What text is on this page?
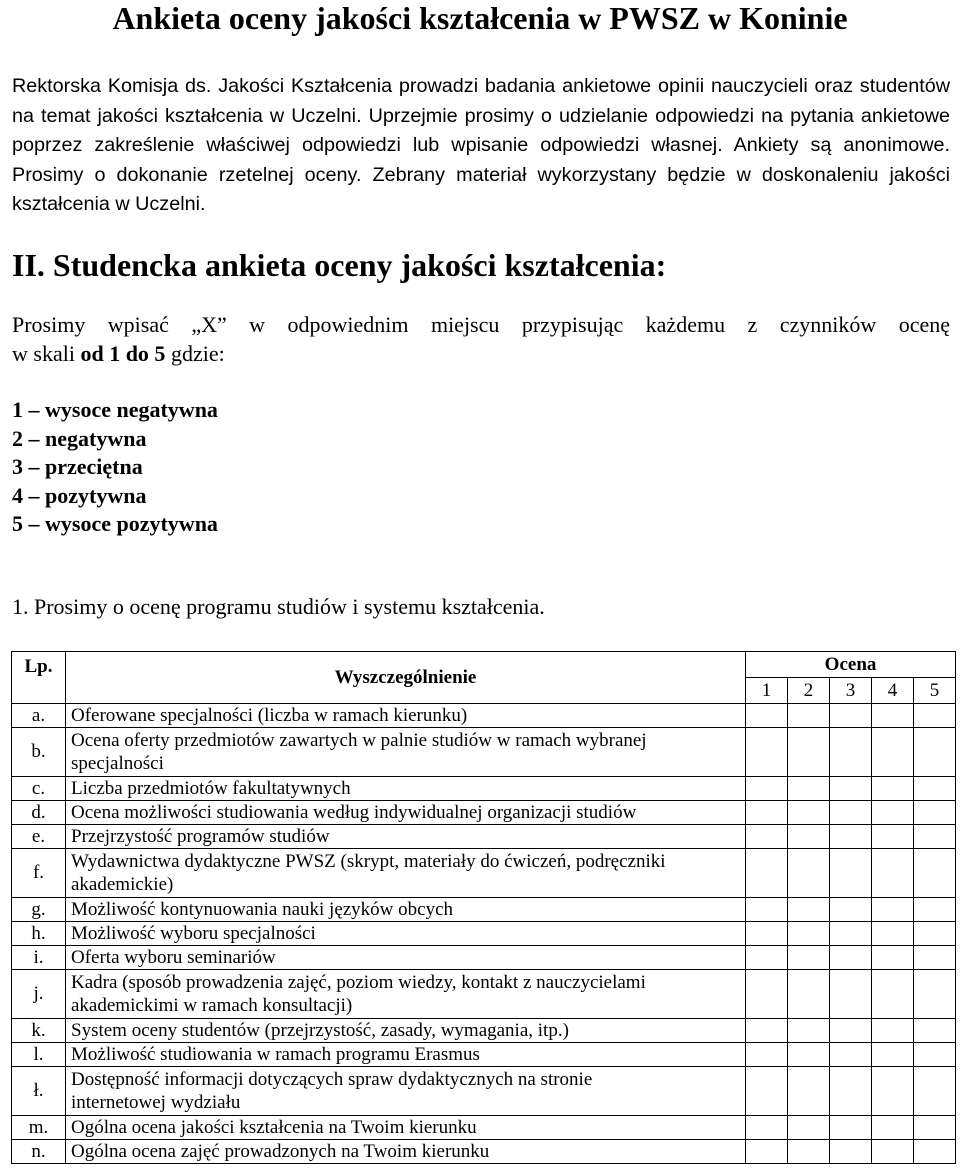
Ankieta oceny jakości kształcenia w PWSZ w Koninie

Rektorska Komisja ds. Jakości Kształcenia prowadzi badania ankietowe opinii nauczycieli oraz studentów na temat jakości kształcenia w Uczelni. Uprzejmie prosimy o udzielanie odpowiedzi na pytania ankietowe poprzez zakreślenie właściwej odpowiedzi lub wpisanie odpowiedzi własnej. Ankiety są anonimowe. Prosimy o dokonanie rzetelnej oceny. Zebrany materiał wykorzystany będzie w doskonaleniu jakości kształcenia w Uczelni.

II. Studencka ankieta oceny jakości kształcenia:

Prosimy wpisać „X” w odpowiednim miejscu przypisując każdemu z czynników ocenę
w skali od 1 do 5 gdzie:

1 – wysoce negatywna
2 – negatywna
3 – przeciętna
4 – pozytywna
5 – wysoce pozytywna

1. Prosimy o ocenę programu studiów i systemu kształcenia.

Lp.	Wyszczególnienie	Ocena				
		1	2	3	4	5
a.	Oferowane specjalności (liczba w ramach kierunku)					

b.	Ocena oferty przedmiotów zawartych w palnie studiów w ramach wybranej
specjalności					

c.	Liczba przedmiotów fakultatywnych					

d.	Ocena możliwości studiowania według indywidualnej organizacji studiów					

e.	Przejrzystość programów studiów					

f.	Wydawnictwa dydaktyczne PWSZ (skrypt, materiały do ćwiczeń, podręczniki
akademickie)					

g.	Możliwość kontynuowania nauki języków obcych					

h.	Możliwość wyboru specjalności					

i.	Oferta wyboru seminariów					

j.	Kadra (sposób prowadzenia zajęć, poziom wiedzy, kontakt z nauczycielami
akademickimi w ramach konsultacji)					

k.	System oceny studentów (przejrzystość, zasady, wymagania, itp.)					

l.	Możliwość studiowania w ramach programu Erasmus					

ł.	Dostępność informacji dotyczących spraw dydaktycznych na stronie
internetowej wydziału					

m.	Ogólna ocena jakości kształcenia na Twoim kierunku					

n.	Ogólna ocena zajęć prowadzonych na Twoim kierunku					
